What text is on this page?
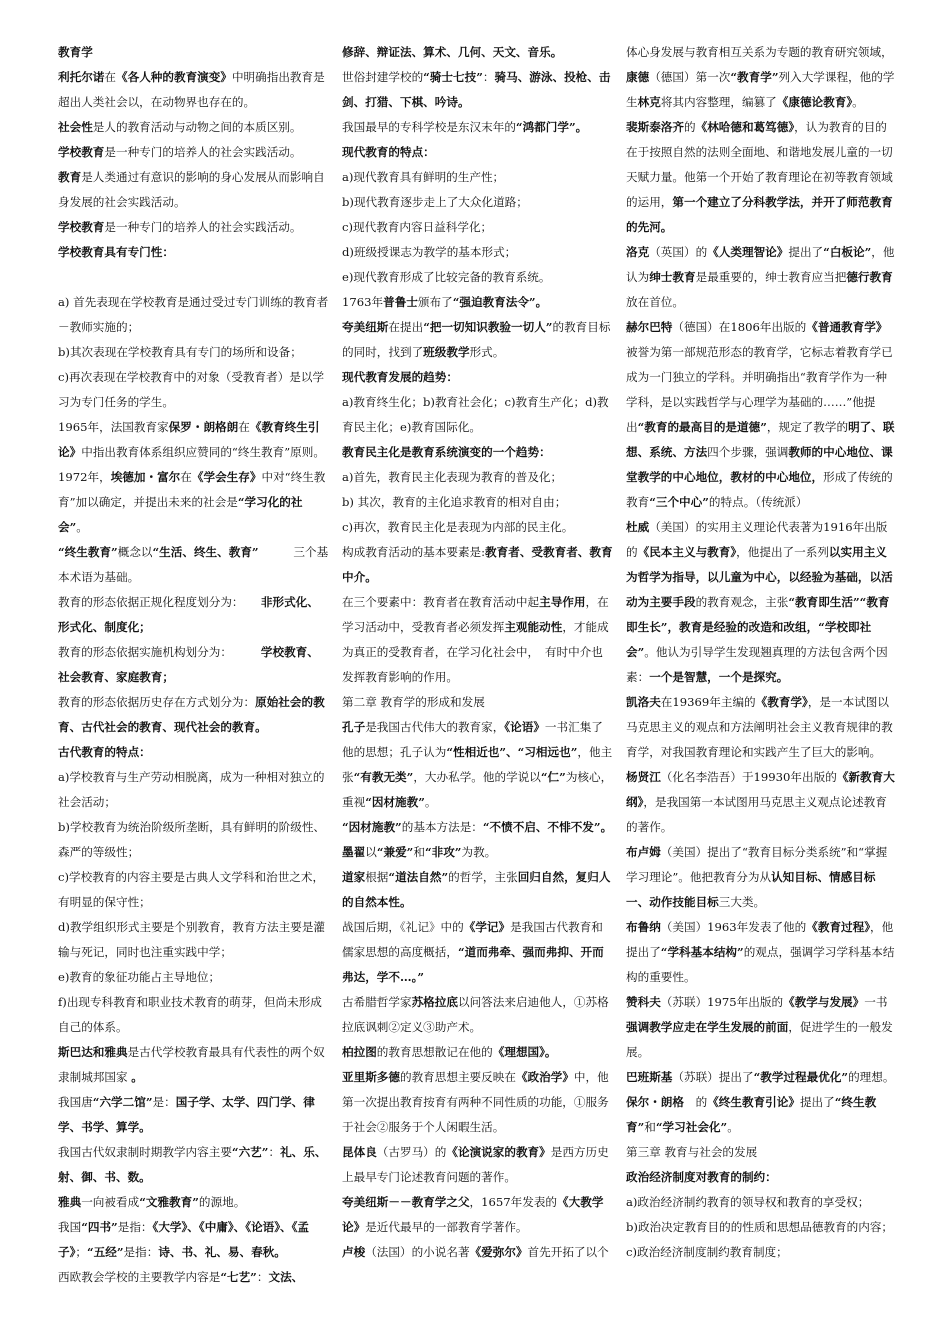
教育学

利托尔诺在《各人种的教育演变》中明确指出教育是超出人类社会以，在动物界也存在的。

社会性是人的教育活动与动物之间的本质区别。

学校教育是一种专门的培养人的社会实践活动。

教育是人类通过有意识的影响的身心发展从而影响自身发展的社会实践活动。

学校教育是一种专门的培养人的社会实践活动。

学校教育具有专门性：

a) 首先表现在学校教育是通过受过专门训练的教育者－教师实施的；

b)其次表现在学校教育具有专门的场所和设备；

c)再次表现在学校教育中的对象（受教育者）是以学习为专门任务的学生。

1965年，法国教育家保罗・朗格朗在《教育终生引论》中指出教育体系组织应赞同的“终生教育”原则。

1972年，埃德加・富尔在《学会生存》中对“终生教育”加以确定，并提出未来的社会是“学习化的社会”。

“终生教育”概念以“生活、终生、教育”　　　三个基本术语为基础。

教育的形态依据正规化程度划分为：　　非形式化、形式化、制度化；

教育的形态依据实施机构划分为：　　　学校教育、社会教育、家庭教育；

教育的形态依据历史存在方式划分为：原始社会的教育、古代社会的教育、现代社会的教育。

古代教育的特点：

a)学校教育与生产劳动相脱离，成为一种相对独立的社会活动；

b)学校教育为统治阶级所垄断，具有鲜明的阶级性、森严的等级性；

c)学校教育的内容主要是古典人文学科和治世之术，有明显的保守性；

d)教学组织形式主要是个别教育，教育方法主要是灌输与死记，同时也注重实践中学；

e)教育的象征功能占主导地位；

f)出现专科教育和职业技术教育的萌芽，但尚未形成自己的体系。

斯巴达和雅典是古代学校教育最具有代表性的两个奴隶制城邦国家 。

我国唐“六学二馆”是：国子学、太学、四门学、律学、书学、算学。

我国古代奴隶制时期教学内容主要“六艺”：礼、乐、射、御、书、数。

雅典一向被看成“文雅教育”的源地。

我国“四书”是指：《大学》、《中庸》、《论语》、《孟子》；“五经”是指：诗、书、礼、易、春秋。

西欧教会学校的主要教学内容是“七艺”：文法、

修辞、辩证法、算术、几何、天文、音乐。

世俗封建学校的“骑士七技”：骑马、游泳、投枪、击剑、打猎、下棋、吟诗。

我国最早的专科学校是东汉末年的“鸿都门学”。

现代教育的特点：

a)现代教育具有鲜明的生产性；

b)现代教育逐步走上了大众化道路；

c)现代教育内容日益科学化；

d)班级授课志为教学的基本形式；

e)现代教育形成了比较完备的教育系统。

1763年普鲁士颁布了“强迫教育法令”。

夸美纽斯在提出“把一切知识教验一切人”的教育目标的同时，找到了班级教学形式。

现代教育发展的趋势：

a)教育终生化；b)教育社会化；c)教育生产化；d)教育民主化；e)教育国际化。

教育民主化是教育系统演变的一个趋势：

a)首先，教育民主化表现为教育的普及化；

b) 其次，教育的主化追求教育的相对自由；

c)再次，教育民主化是表现为内部的民主化。

构成教育活动的基本要素是:教育者、受教育者、教育中介。

在三个要素中：教育者在教育活动中起主导作用，在学习活动中，受教育者必须发挥主观能动性，才能成为真正的受教育者，在学习化社会中，　有时中介也发挥教育影响的作用。

第二章 教育学的形成和发展

孔子是我国古代伟大的教育家，《论语》一书汇集了他的思想；孔子认为“性相近也”、“习相远也”，他主张“有教无类”，大办私学。他的学说以“仁”为核心，重视“因材施教”。

“因材施教”的基本方法是：“不愤不启、不悱不发”。

墨翟以“兼爱”和“非攻”为教。

道家根据“道法自然”的哲学，主张回归自然，复归人的自然本性。

战国后期，《礼记》中的《学记》是我国古代教育和儒家思想的高度概括，“道而弗牵、强而弗抑、开而弗达，学不…。”

古希腊哲学家苏格拉底以问答法来启迪他人，①苏格拉底讽刺②定义③助产术。

柏拉图的教育思想散记在他的《理想国》。

亚里斯多德的教育思想主要反映在《政治学》中，他第一次提出教育按育有两种不同性质的功能，①服务于社会②服务于个人闲暇生活。

昆体良（古罗马）的《论演说家的教育》是西方历史上最早专门论述教育问题的著作。

夸美纽斯－－教育学之父，1657年发表的《大教学论》是近代最早的一部教育学著作。

卢梭（法国）的小说名著《爱弥尔》首先开拓了以个

体心身发展与教育相互关系为专题的教育研究领域，康德（德国）第一次“教育学”列入大学课程，他的学生林克将其内容整理，编篡了《康德论教育》。

裴斯泰洛齐的《林哈德和葛笃德》，认为教育的目的在于按照自然的法则全面地、和谐地发展儿童的一切天赋力量。他第一个开始了教育理论在初等教育领域的运用，第一个建立了分科教学法，并开了师范教育的先河。

洛克（英国）的《人类理智论》提出了“白板论”，他认为绅士教育是最重要的，绅士教育应当把德行教育放在首位。

赫尔巴特（德国）在1806年出版的《普通教育学》被誉为第一部规范形态的教育学，它标志着教育学已成为一门独立的学科。并明确指出“教育学作为一种学科，是以实践哲学与心理学为基础的……”他提出“教育的最高目的是道德”，规定了教学的明了、联想、系统、方法四个步骤，强调教师的中心地位、课堂教学的中心地位，教材的中心地位，形成了传统的教育“三个中心”的特点。（传统派）

杜威（美国）的实用主义理论代表著为1916年出版的《民本主义与教育》，他提出了一系列以实用主义为哲学为指导，以儿童为中心，以经验为基础，以活动为主要手段的教育观念，主张“教育即生活”“教育即生长”，教育是经验的改造和改组，“学校即社会”。他认为引导学生发现翘真理的方法包含两个因素：一个是智慧，一个是探究。

凯洛夫在19369年主编的《教育学》，是一本试图以马克思主义的观点和方法阐明社会主义教育规律的教育学，对我国教育理论和实践产生了巨大的影响。

杨贤江（化名李浩吾）于19930年出版的《新教育大纲》，是我国第一本试图用马克思主义观点论述教育的著作。

布卢姆（美国）提出了“教育目标分类系统”和“掌握学习理论”。他把教育分为从认知目标、情感目标一、动作技能目标三大类。

布鲁纳（美国）1963年发表了他的《教育过程》，他提出了“学科基本结构”的观点，强调学习学科基本结构的重要性。

赞科夫（苏联）1975年出版的《教学与发展》一书强调教学应走在学生发展的前面，促进学生的一般发展。

巴班斯基（苏联）提出了“教学过程最优化”的理想。

保尔・朗格　的《终生教育引论》提出了“终生教育”和“学习社会化”。

第三章 教育与社会的发展

政治经济制度对教育的制约：

a)政治经济制约教育的领导权和教育的享受权；

b)政治决定教育目的的性质和思想品德教育的内容；

c)政治经济制度制约教育制度；
